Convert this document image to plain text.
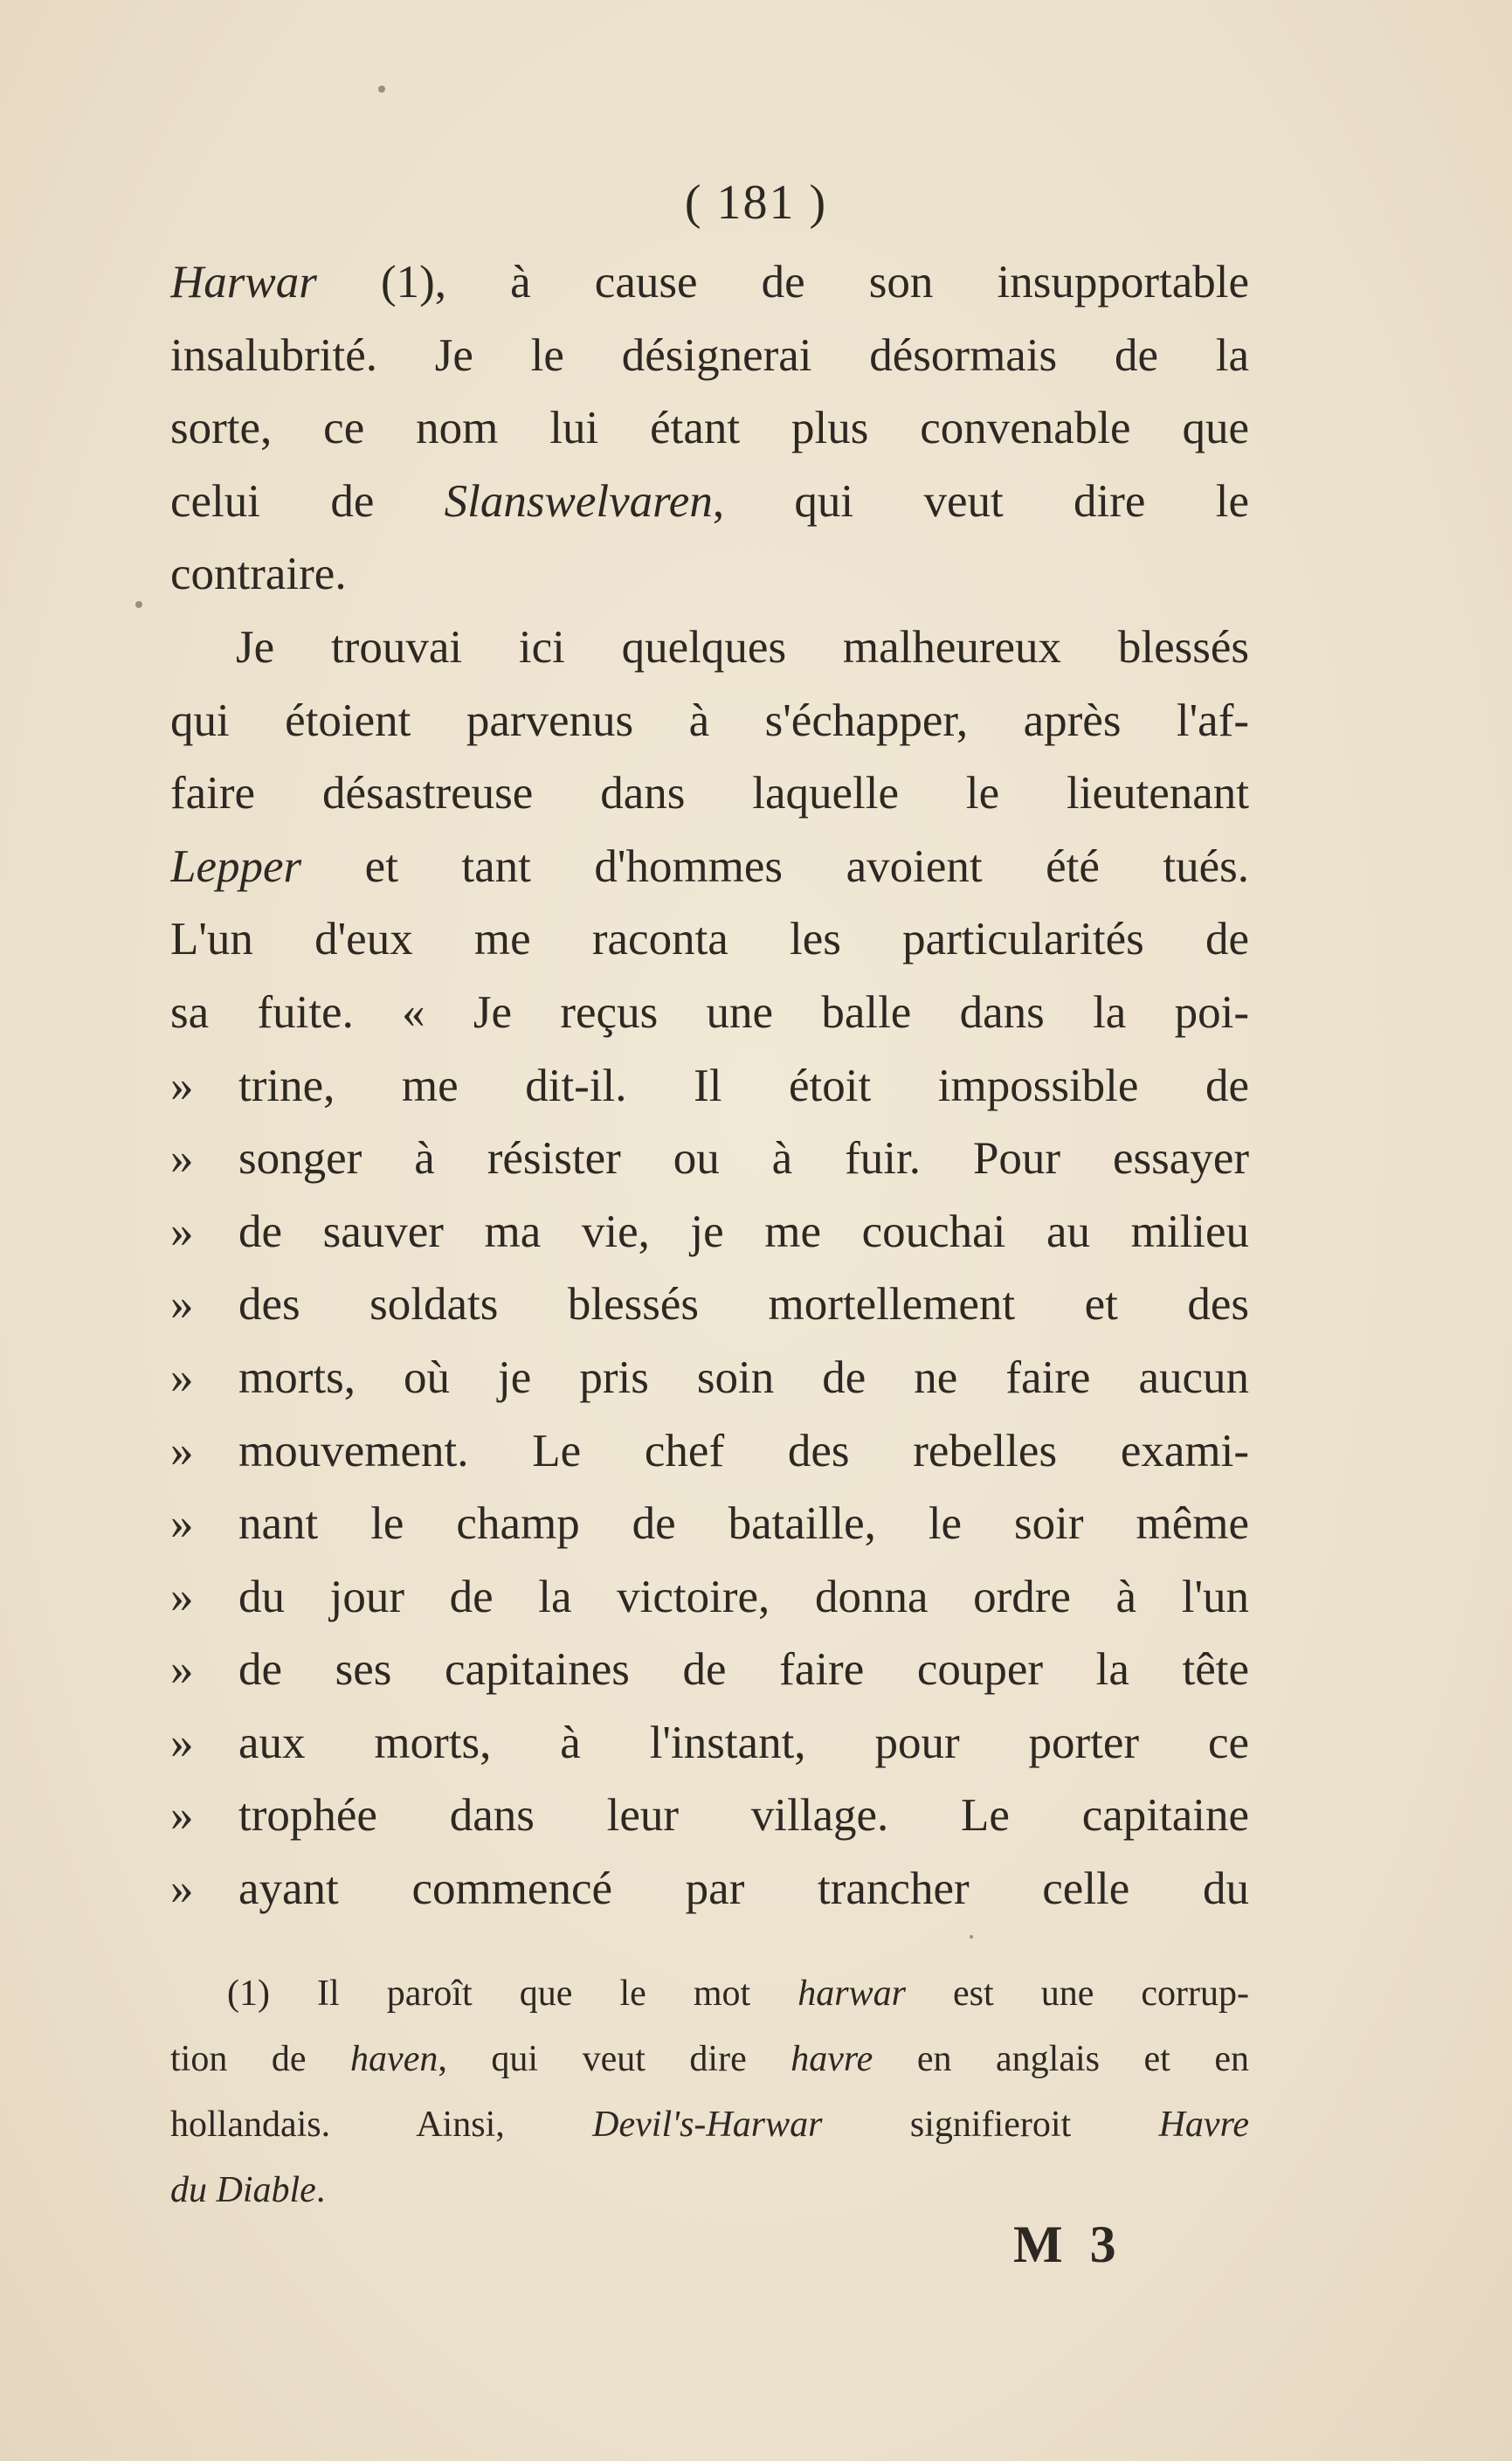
( 181 )
Harwar (1), à cause de son insupportable
insalubrité. Je le désignerai désormais de la
sorte, ce nom lui étant plus convenable que
celui de Slanswelvaren, qui veut dire le
contraire.
Je trouvai ici quelques malheureux blessés
qui étoient parvenus à s'échapper, après l'af-
faire désastreuse dans laquelle le lieutenant
Lepper et tant d'hommes avoient été tués.
L'un d'eux me raconta les particularités de
sa fuite. « Je reçus une balle dans la poi-
» trine, me dit-il. Il étoit impossible de
» songer à résister ou à fuir. Pour essayer
» de sauver ma vie, je me couchai au milieu
» des soldats blessés mortellement et des
» morts, où je pris soin de ne faire aucun
» mouvement. Le chef des rebelles exami-
» nant le champ de bataille, le soir même
» du jour de la victoire, donna ordre à l'un
» de ses capitaines de faire couper la tête
» aux morts, à l'instant, pour porter ce
» trophée dans leur village. Le capitaine
» ayant commencé par trancher celle du
(1) Il paroît que le mot harwar est une corrup-
tion de haven, qui veut dire havre en anglais et en
hollandais. Ainsi, Devil's-Harwar signifieroit Havre
du Diable.
M 3
